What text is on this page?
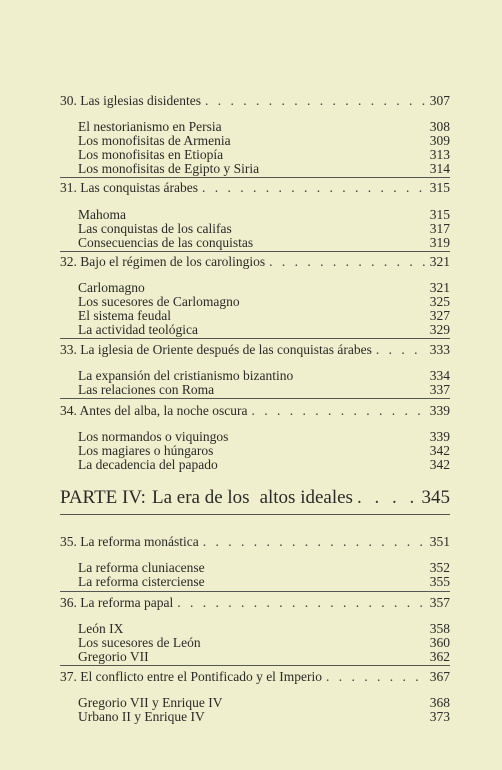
30. Las iglesias disidentes . . .	307
El nestorianismo en Persia	308
Los monofisitas de Armenia	309
Los monofisitas en Etiopía	313
Los monofisitas de Egipto y Siria	314
31. Las conquistas árabes . . .	315
Mahoma	315
Las conquistas de los califas	317
Consecuencias de las conquistas	319
32. Bajo el régimen de los carolingios . . .	321
Carlomagno	321
Los sucesores de Carlomagno	325
El sistema feudal	327
La actividad teológica	329
33. La iglesia de Oriente después de las conquistas árabes . . .	333
La expansión del cristianismo bizantino	334
Las relaciones con Roma	337
34. Antes del alba, la noche oscura . . .	339
Los normandos o viquingos	339
Los magiares o húngaros	342
La decadencia del papado	342
PARTE IV: La era de los altos ideales . . .	345
35. La reforma monástica . . .	351
La reforma cluniacense	352
La reforma cisterciense	355
36. La reforma papal . . .	357
León IX	358
Los sucesores de León	360
Gregorio VII	362
37. El conflicto entre el Pontificado y el Imperio . . .	367
Gregorio VII y Enrique IV	368
Urbano II y Enrique IV	373
